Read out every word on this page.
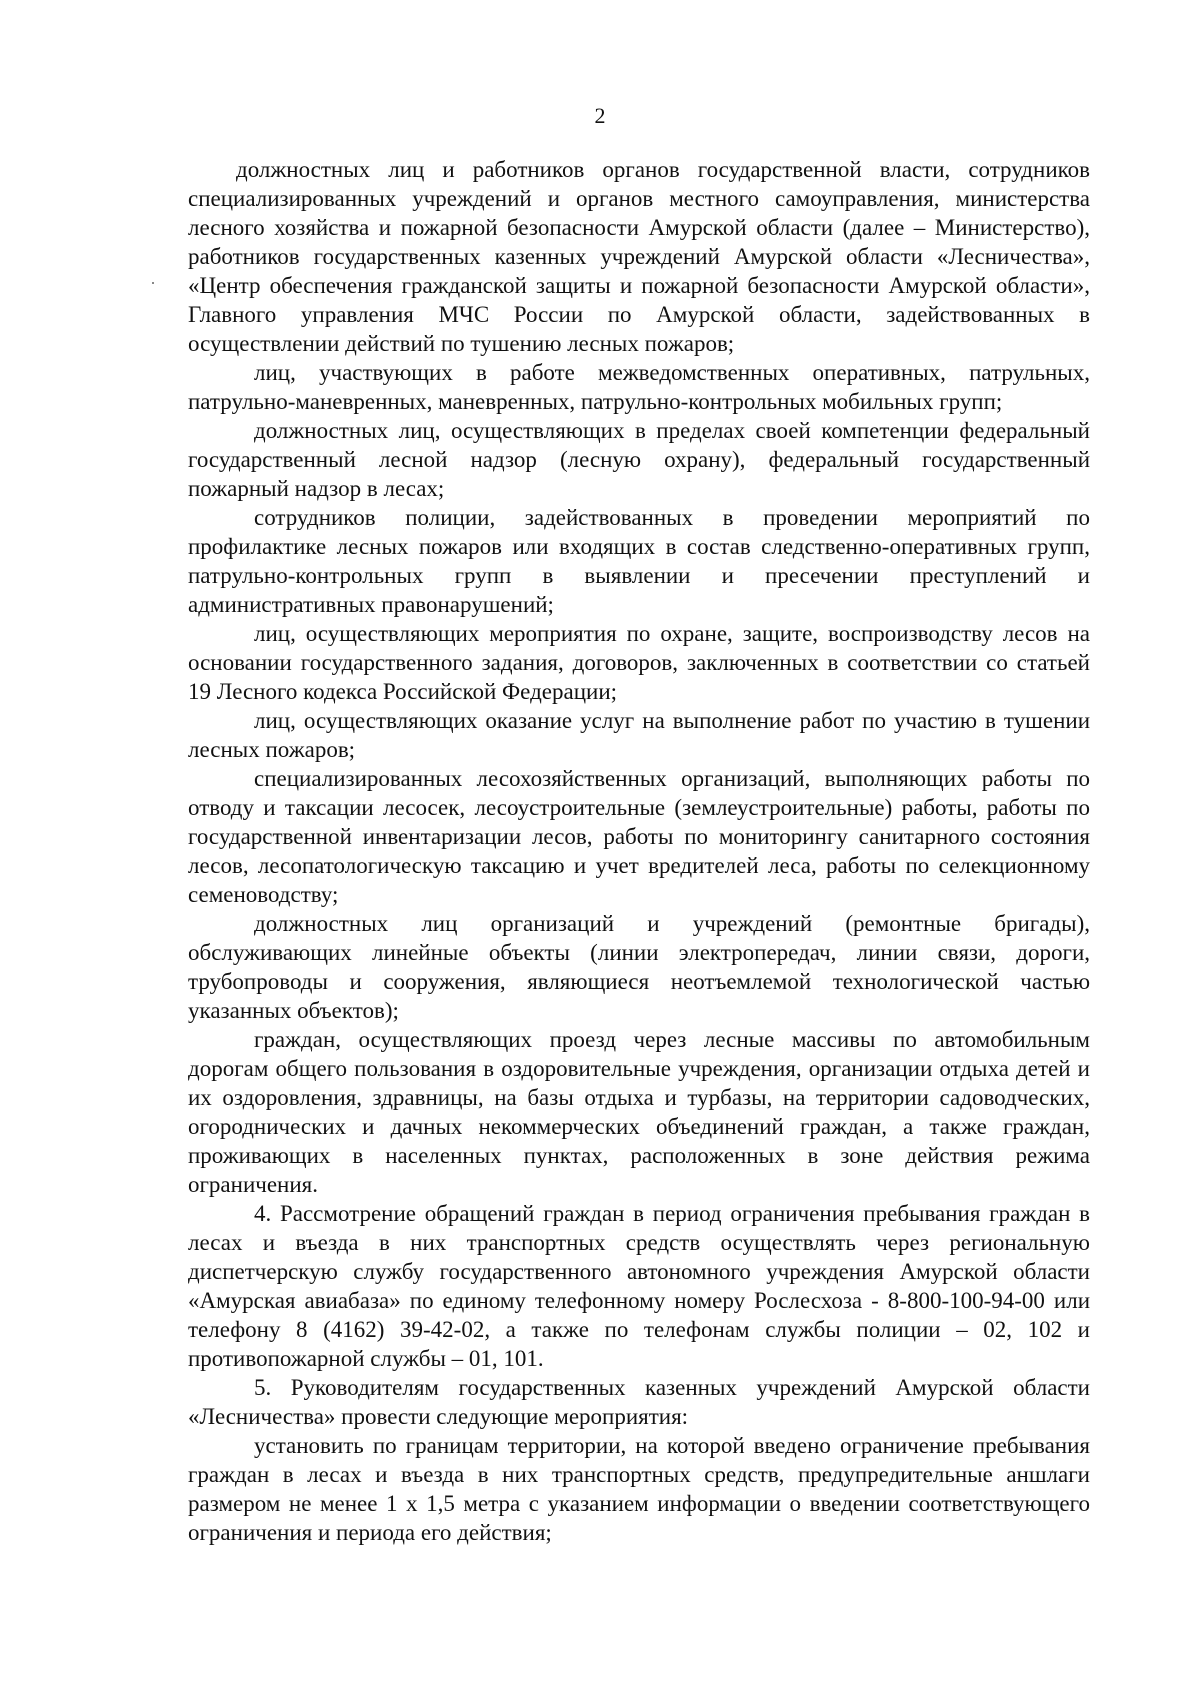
2

должностных лиц и работников органов государственной власти, сотрудников специализированных учреждений и органов местного самоуправления, министерства лесного хозяйства и пожарной безопасности Амурской области (далее – Министерство), работников государственных казенных учреждений Амурской области «Лесничества», «Центр обеспечения гражданской защиты и пожарной безопасности Амурской области», Главного управления МЧС России по Амурской области, задействованных в осуществлении действий по тушению лесных пожаров;

лиц, участвующих в работе межведомственных оперативных, патрульных, патрульно-маневренных, маневренных, патрульно-контрольных мобильных групп;

должностных лиц, осуществляющих в пределах своей компетенции федеральный государственный лесной надзор (лесную охрану), федеральный государственный пожарный надзор в лесах;

сотрудников полиции, задействованных в проведении мероприятий по профилактике лесных пожаров или входящих в состав следственно-оперативных групп, патрульно-контрольных групп в выявлении и пресечении преступлений и административных правонарушений;

лиц, осуществляющих мероприятия по охране, защите, воспроизводству лесов на основании государственного задания, договоров, заключенных в соответствии со статьей 19 Лесного кодекса Российской Федерации;

лиц, осуществляющих оказание услуг на выполнение работ по участию в тушении лесных пожаров;

специализированных лесохозяйственных организаций, выполняющих работы по отводу и таксации лесосек, лесоустроительные (землеустроительные) работы, работы по государственной инвентаризации лесов, работы по мониторингу санитарного состояния лесов, лесопатологическую таксацию и учет вредителей леса, работы по селекционному семеноводству;

должностных лиц организаций и учреждений (ремонтные бригады), обслуживающих линейные объекты (линии электропередач, линии связи, дороги, трубопроводы и сооружения, являющиеся неотъемлемой технологической частью указанных объектов);

граждан, осуществляющих проезд через лесные массивы по автомобильным дорогам общего пользования в оздоровительные учреждения, организации отдыха детей и их оздоровления, здравницы, на базы отдыха и турбазы, на территории садоводческих, огороднических и дачных некоммерческих объединений граждан, а также граждан, проживающих в населенных пунктах, расположенных в зоне действия режима ограничения.

4. Рассмотрение обращений граждан в период ограничения пребывания граждан в лесах и въезда в них транспортных средств осуществлять через региональную диспетчерскую службу государственного автономного учреждения Амурской области «Амурская авиабаза» по единому телефонному номеру Рослесхоза - 8-800-100-94-00 или телефону 8 (4162) 39-42-02, а также по телефонам службы полиции – 02, 102 и противопожарной службы – 01, 101.

5. Руководителям государственных казенных учреждений Амурской области «Лесничества» провести следующие мероприятия:

установить по границам территории, на которой введено ограничение пребывания граждан в лесах и въезда в них транспортных средств, предупредительные аншлаги размером не менее 1 х 1,5 метра с указанием информации о введении соответствующего ограничения и периода его действия;
